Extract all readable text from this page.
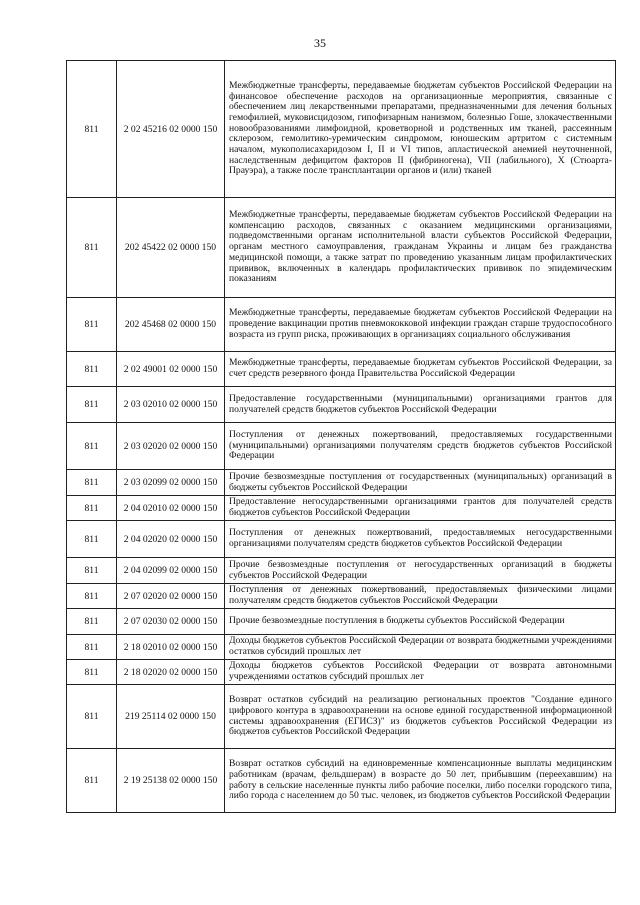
35
811	2 02 45216 02 0000 150	Межбюджетные трансферты, передаваемые бюджетам субъектов Российской Федерации на финансовое обеспечение расходов на организационные мероприятия, связанные с обеспечением лиц лекарственными препаратами, предназначенными для лечения больных гемофилией, муковисцидозом, гипофизарным нанизмом, болезнью Гоше, злокачественными новообразованиями лимфоидной, кроветворной и родственных им тканей, рассеянным склерозом, гемолитико-уремическим синдромом, юношеским артритом с системным началом, мукополисахаридозом I, II и VI типов, апластической анемией неуточненной, наследственным дефицитом факторов II (фибриногена), VII (лабильного), X (Стюарта-Прауэра), а также после трансплантации органов и (или) тканей

811	202 45422 02 0000 150	Межбюджетные трансферты, передаваемые бюджетам субъектов Российской Федерации на компенсацию расходов, связанных с оказанием медицинскими организациями, подведомственными органам исполнительной власти субъектов Российской Федерации, органам местного самоуправления, гражданам Украины и лицам без гражданства медицинской помощи, а также затрат по проведению указанным лицам профилактических прививок, включенных в календарь профилактических прививок по эпидемическим показаниям

811	202 45468 02 0000 150	Межбюджетные трансферты, передаваемые бюджетам субъектов Российской Федерации на проведение вакцинации против пневмококковой инфекции граждан старше трудоспособного возраста из групп риска, проживающих в организациях социального обслуживания

811	2 02 49001 02 0000 150	Межбюджетные трансферты, передаваемые бюджетам субъектов Российской Федерации, за счет средств резервного фонда Правительства Российской Федерации

811	2 03 02010 02 0000 150	Предоставление государственными (муниципальными) организациями грантов для получателей средств бюджетов субъектов Российской Федерации

811	2 03 02020 02 0000 150	Поступления от денежных пожертвований, предоставляемых государственными (муниципальными) организациями получателям средств бюджетов субъектов Российской Федерации

811	2 03 02099 02 0000 150	Прочие безвозмездные поступления от государственных (муниципальных) организаций в бюджеты субъектов Российской Федерации

811	2 04 02010 02 0000 150	Предоставление негосударственными организациями грантов для получателей средств бюджетов субъектов Российской Федерации

811	2 04 02020 02 0000 150	Поступления от денежных пожертвований, предоставляемых негосударственными организациями получателям средств бюджетов субъектов Российской Федерации

811	2 04 02099 02 0000 150	Прочие безвозмездные поступления от негосударственных организаций в бюджеты субъектов Российской Федерации

811	2 07 02020 02 0000 150	Поступления от денежных пожертвований, предоставляемых физическими лицами получателям средств бюджетов субъектов Российской Федерации

811	2 07 02030 02 0000 150	Прочие безвозмездные поступления в бюджеты субъектов Российской Федерации

811	2 18 02010 02 0000 150	Доходы бюджетов субъектов Российской Федерации от возврата бюджетными учреждениями остатков субсидий прошлых лет

811	2 18 02020 02 0000 150	Доходы бюджетов субъектов Российской Федерации от возврата автономными учреждениями остатков субсидий прошлых лет

811	219 25114 02 0000 150	Возврат остатков субсидий на реализацию региональных проектов "Создание единого цифрового контура в здравоохранении на основе единой государственной информационной системы здравоохранения (ЕГИСЗ)" из бюджетов субъектов Российской Федерации из бюджетов субъектов Российской Федерации

811	2 19 25138 02 0000 150	Возврат остатков субсидий на единовременные компенсационные выплаты медицинским работникам (врачам, фельдшерам) в возрасте до 50 лет, прибывшим (переехавшим) на работу в сельские населенные пункты либо рабочие поселки, либо поселки городского типа, либо города с населением до 50 тыс. человек, из бюджетов субъектов Российской Федерации
